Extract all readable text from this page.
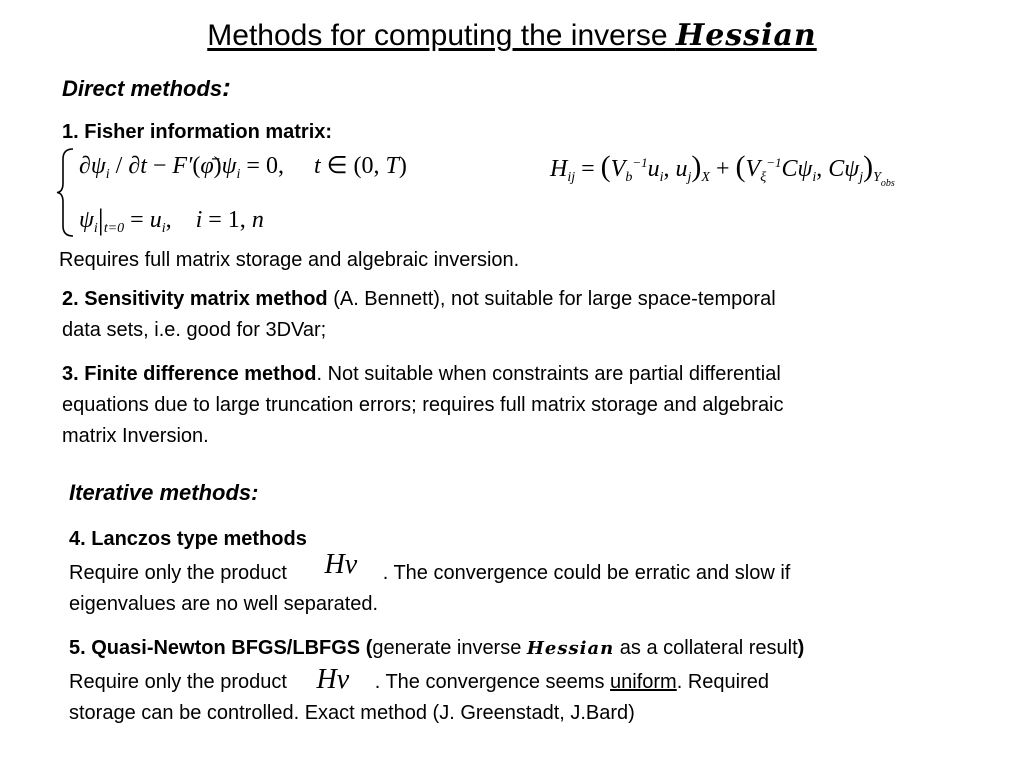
Methods for computing the inverse Hessian
Direct methods:
1. Fisher information matrix:
$\partial\psi_i / \partial t$ − $F'(\varphī)\psi_i = 0$,     t ∈ (0, T)
$\psi_i|_{t=0} = u_i$,    i = 1, n
$H_{ij} = (V_b^{-1}u_i$, $u_j)_X + (V_\xi^{-1}C\psi_i$, $C\psi_j)_{Y_{obs}}$
Requires full matrix storage and algebraic inversion.
2. Sensitivity matrix method (A. Bennett), not suitable for large space-temporal
data sets, i.e. good for 3DVar;
3. Finite difference method. Not suitable when constraints are partial differential
equations due to large truncation errors; requires full matrix storage and algebraic
matrix Inversion.
Iterative methods:
4. Lanczos type methods
Require only the product Hv . The convergence could be erratic and slow if
eigenvalues are no well separated.
5. Quasi-Newton BFGS/LBFGS (generate inverse Hessian as a collateral result)
Require only the product Hv . The convergence seems uniform. Required
storage can be controlled. Exact method (J. Greenstadt, J.Bard)
